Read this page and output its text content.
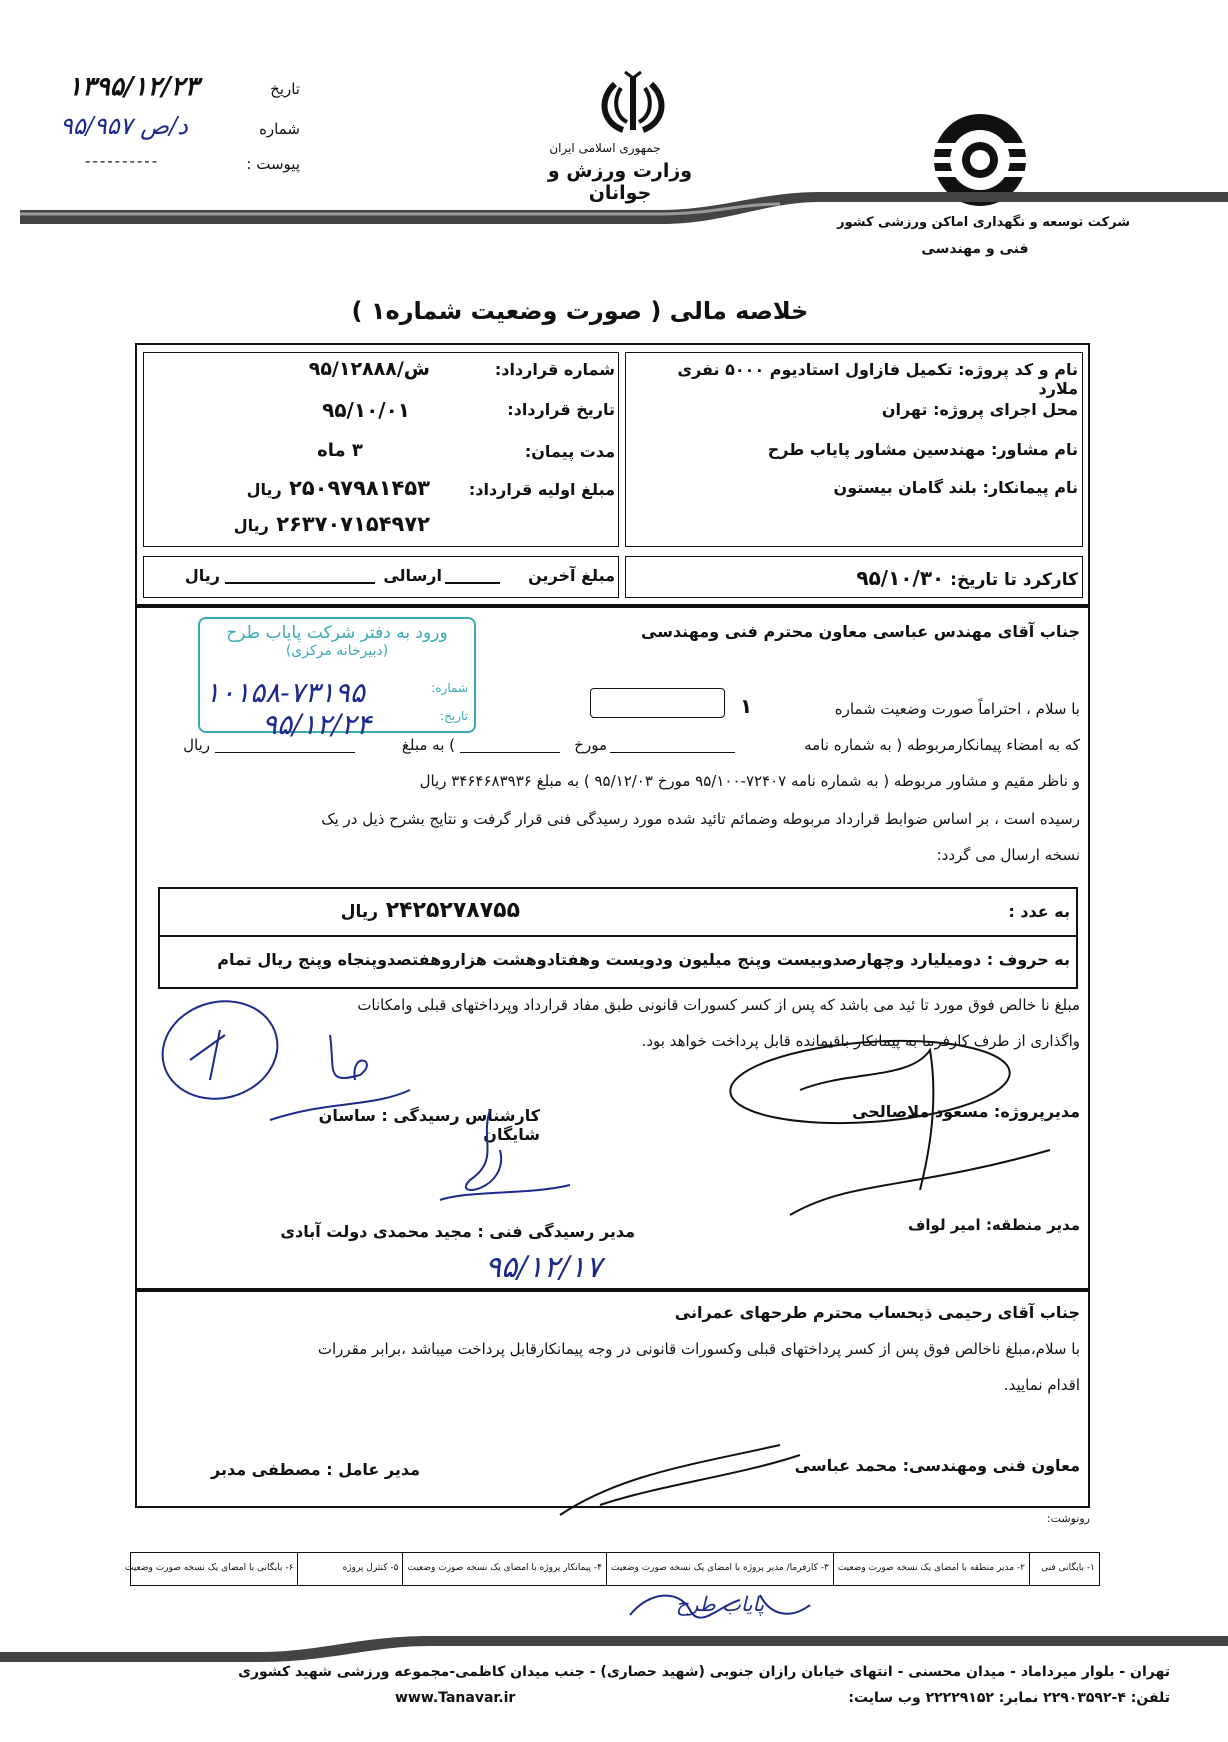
تاریخ
۱۳۹۵/۱۲/۲۳
شماره
۹۵/۹۵۷ د/ص
پیوست :
----------
جمهوری اسلامی ایران
وزارت ورزش و جوانان
شرکت توسعه و نگهداری اماکن ورزشی کشور
فنی و مهندسی
خلاصه مالی ( صورت وضعیت شماره۱ )
نام و کد پروژه: تکمیل فازاول استادیوم ۵۰۰۰ نفری ملارد
محل اجرای پروژه: تهران
نام مشاور: مهندسین مشاور پایاب طرح
نام پیمانکار: بلند گامان بیستون
شماره قرارداد:
تاریخ قرارداد:
مدت پیمان:
مبلغ اولیه قرارداد:
۹۵/۱۲۸۸۸/ش
۹۵/۱۰/۰۱
۳ ماه
۲۵۰۹۷۹۸۱۴۵۳ ریال
۲۶۳۷۰۷۱۵۴۹۷۲ ریال
کارکرد تا تاریخ: ۹۵/۱۰/۳۰
مبلغ آخرین
ارسالی
ریال
جناب آقای مهندس عباسی معاون محترم فنی ومهندسی
ورود به دفتر شرکت پایاب طرح
(دبیرخانه مرکزی)
شماره:
تاریخ:
۱۰۱۵۸-۷۳۱۹۵
۹۵/۱۲/۲۴	با سلام ، احتراماً صورت وضعیت شماره
۱
که به امضاء پیمانکارمربوطه ( به شماره نامه
مورخ
) به مبلغ
ریال
و ناظر مقیم و مشاور مربوطه ( به شماره نامه ۷۲۴۰۷-۹۵/۱۰۰ مورخ ۹۵/۱۲/۰۳ ) به مبلغ ۳۴۶۴۶۸۳۹۳۶ ریال
رسیده است ، بر اساس ضوابط قرارداد مربوطه وضمائم تائید شده مورد رسیدگی فنی قرار گرفت و نتایج بشرح ذیل در یک
نسخه ارسال می گردد:
به عدد :
۲۴۲۵۲۷۸۷۵۵ ریال
به حروف : دومیلیارد وچهارصدوبیست وپنج میلیون ودویست وهفتادوهشت هزاروهفتصدوپنجاه وپنج ریال تمام
مبلغ نا خالص فوق مورد تا ئید می باشد که پس از کسر کسورات قانونی طبق مفاد قرارداد وپرداختهای قبلی وامکانات
واگذاری از طرف کارفرما به پیمانکار باقیمانده قابل پرداخت خواهد بود.
مدیرپروژه: مسعود ملاصالحی
کارشناس رسیدگی : ساسان شایگان
مدیر منطقه: امیر لواف
مدیر رسیدگی فنی : مجید محمدی دولت آبادی
۹۵/۱۲/۱۷
جناب آقای رحیمی ذیحساب محترم طرحهای عمرانی
با سلام،مبلغ ناخالص فوق پس از کسر پرداختهای قبلی وکسورات قانونی در وجه پیمانکارقابل پرداخت میباشد ،برابر مقررات
اقدام نمایید.
معاون فنی ومهندسی: محمد عباسی
مدیر عامل : مصطفی مدبر
رونوشت:
۱- بایگانی فنی
۲- مدیر منطقه با امضای یک نسخه صورت وضعیت
۳- کارفرما/ مدیر پروژه با امضای یک نسخه صورت وضعیت
۴- پیمانکار پروژه با امضای یک نسخه صورت وضعیت
۵- کنترل پروژه
۶- بایگانی با امضای یک نسخه صورت وضعیت
پایاب طرح
تهران - بلوار میرداماد - میدان محسنی - انتهای خیابان رازان جنوبی (شهید حصاری) - جنب میدان کاظمی-مجموعه ورزشی شهید کشوری
تلفن: ۴-۲۲۹۰۳۵۹۲ نمابر: ۲۲۲۲۹۱۵۲ وب سایت:
www.Tanavar.ir
